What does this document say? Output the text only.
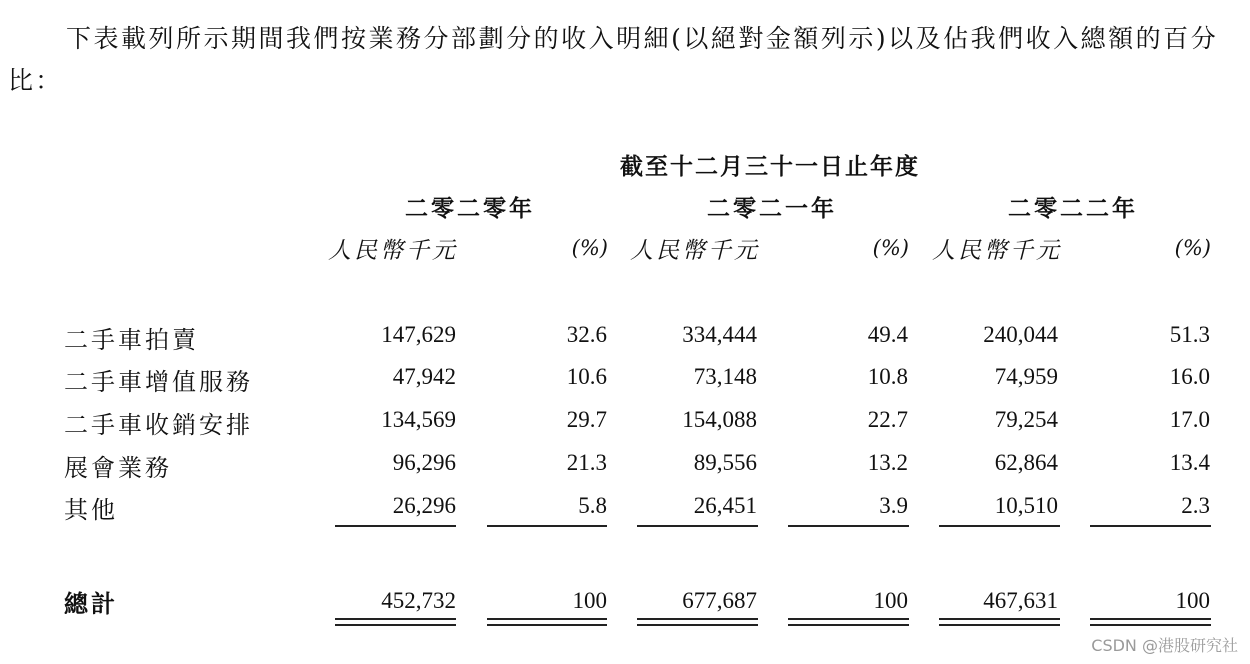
下表載列所示期間我們按業務分部劃分的收入明細(以絕對金額列示)以及佔我們收入總額的百分比：
截至十二月三十一日止年度
二零二零年	二零二一年	二零二二年
人民幣千元	(%) 人民幣千元	(%) 人民幣千元	(%)
二手車拍賣	147,629	32.6	334,444	49.4	240,044	51.3
二手車增值服務	47,942	10.6	73,148	10.8	74,959	16.0
二手車收銷安排	134,569	29.7	154,088	22.7	79,254	17.0
展會業務	96,296	21.3	89,556	13.2	62,864	13.4
其他	26,296	5.8	26,451	3.9	10,510	2.3
總計	452,732	100	677,687	100	467,631	100
CSDN @港股研究社
